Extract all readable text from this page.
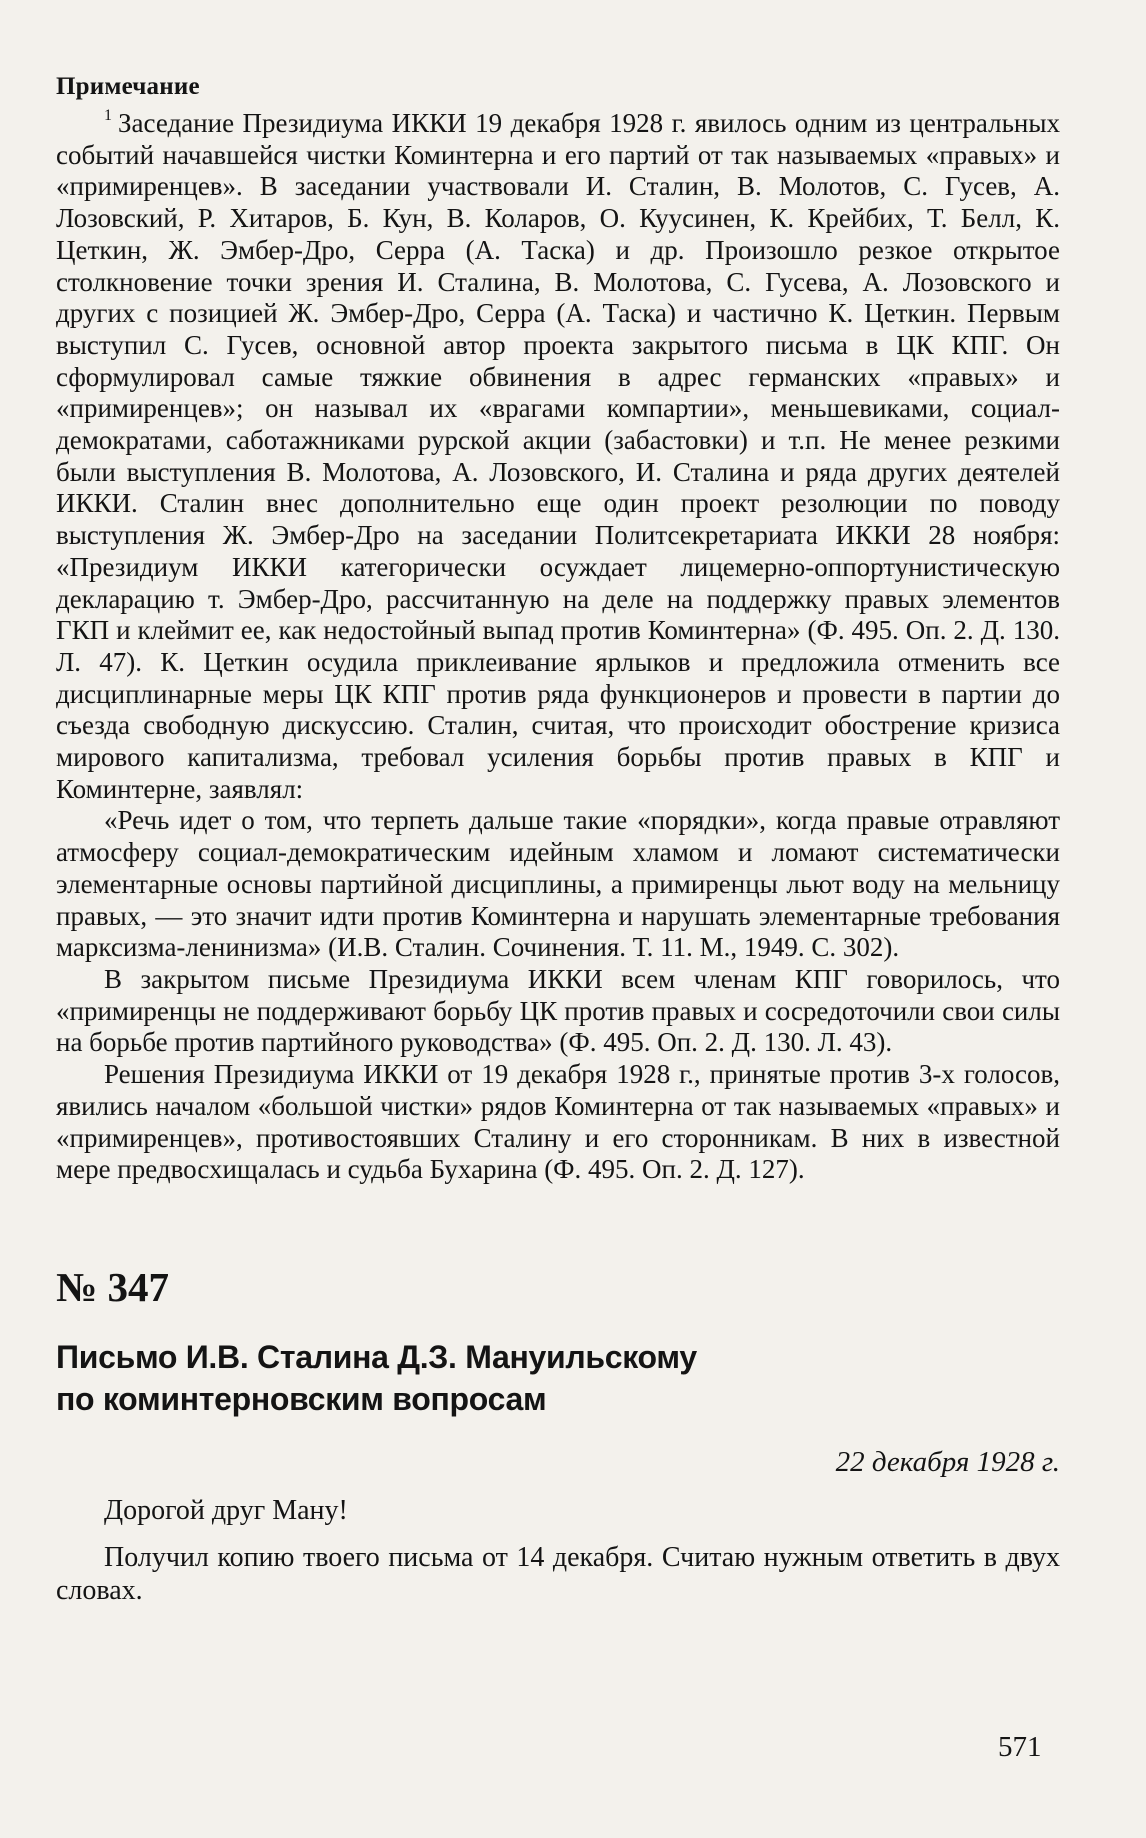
Примечание

$^1$ Заседание Президиума ИККИ 19 декабря 1928 г. явилось одним из центральных событий начавшейся чистки Коминтерна и его партий от так называемых «правых» и «примиренцев». В заседании участвовали И. Сталин, В. Молотов, С. Гусев, А. Лозовский, Р. Хитаров, Б. Кун, В. Коларов, О. Куусинен, К. Крейбих, Т. Белл, К. Цеткин, Ж. Эмбер-Дро, Серра (А. Таска) и др. Произошло резкое открытое столкновение точки зрения И. Сталина, В. Молотова, С. Гусева, А. Лозовского и других с позицией Ж. Эмбер-Дро, Серра (А. Таска) и частично К. Цеткин. Первым выступил С. Гусев, основной автор проекта закрытого письма в ЦК КПГ. Он сформулировал самые тяжкие обвинения в адрес германских «правых» и «примиренцев»; он называл их «врагами компартии», меньшевиками, социал-демократами, саботажниками рурской акции (забастовки) и т.п. Не менее резкими были выступления В. Молотова, А. Лозовского, И. Сталина и ряда других деятелей ИККИ. Сталин внес дополнительно еще один проект резолюции по поводу выступления Ж. Эмбер-Дро на заседании Политсекретариата ИККИ 28 ноября: «Президиум ИККИ категорически осуждает лицемерно-оппортунистическую декларацию т. Эмбер-Дро, рассчитанную на деле на поддержку правых элементов ГКП и клеймит ее, как недостойный выпад против Коминтерна» (Ф. 495. Оп. 2. Д. 130. Л. 47). К. Цеткин осудила приклеивание ярлыков и предложила отменить все дисциплинарные меры ЦК КПГ против ряда функционеров и провести в партии до съезда свободную дискуссию. Сталин, считая, что происходит обострение кризиса мирового капитализма, требовал усиления борьбы против правых в КПГ и Коминтерне, заявлял:

«Речь идет о том, что терпеть дальше такие «порядки», когда правые отравляют атмосферу социал-демократическим идейным хламом и ломают систематически элементарные основы партийной дисциплины, а примиренцы льют воду на мельницу правых, — это значит идти против Коминтерна и нарушать элементарные требования марксизма-ленинизма» (И.В. Сталин. Сочинения. Т. 11. М., 1949. С. 302).

В закрытом письме Президиума ИККИ всем членам КПГ говорилось, что «примиренцы не поддерживают борьбу ЦК против правых и сосредоточили свои силы на борьбе против партийного руководства» (Ф. 495. Оп. 2. Д. 130. Л. 43).

Решения Президиума ИККИ от 19 декабря 1928 г., принятые против 3-х голосов, явились началом «большой чистки» рядов Коминтерна от так называемых «правых» и «примиренцев», противостоявших Сталину и его сторонникам. В них в известной мере предвосхищалась и судьба Бухарина (Ф. 495. Оп. 2. Д. 127).

№ 347
Письмо И.В. Сталина Д.З. Мануильскому
по коминтерновским вопросам
22 декабря 1928 г.

Дорогой друг Ману!

Получил копию твоего письма от 14 декабря. Считаю нужным ответить в двух словах.

571
